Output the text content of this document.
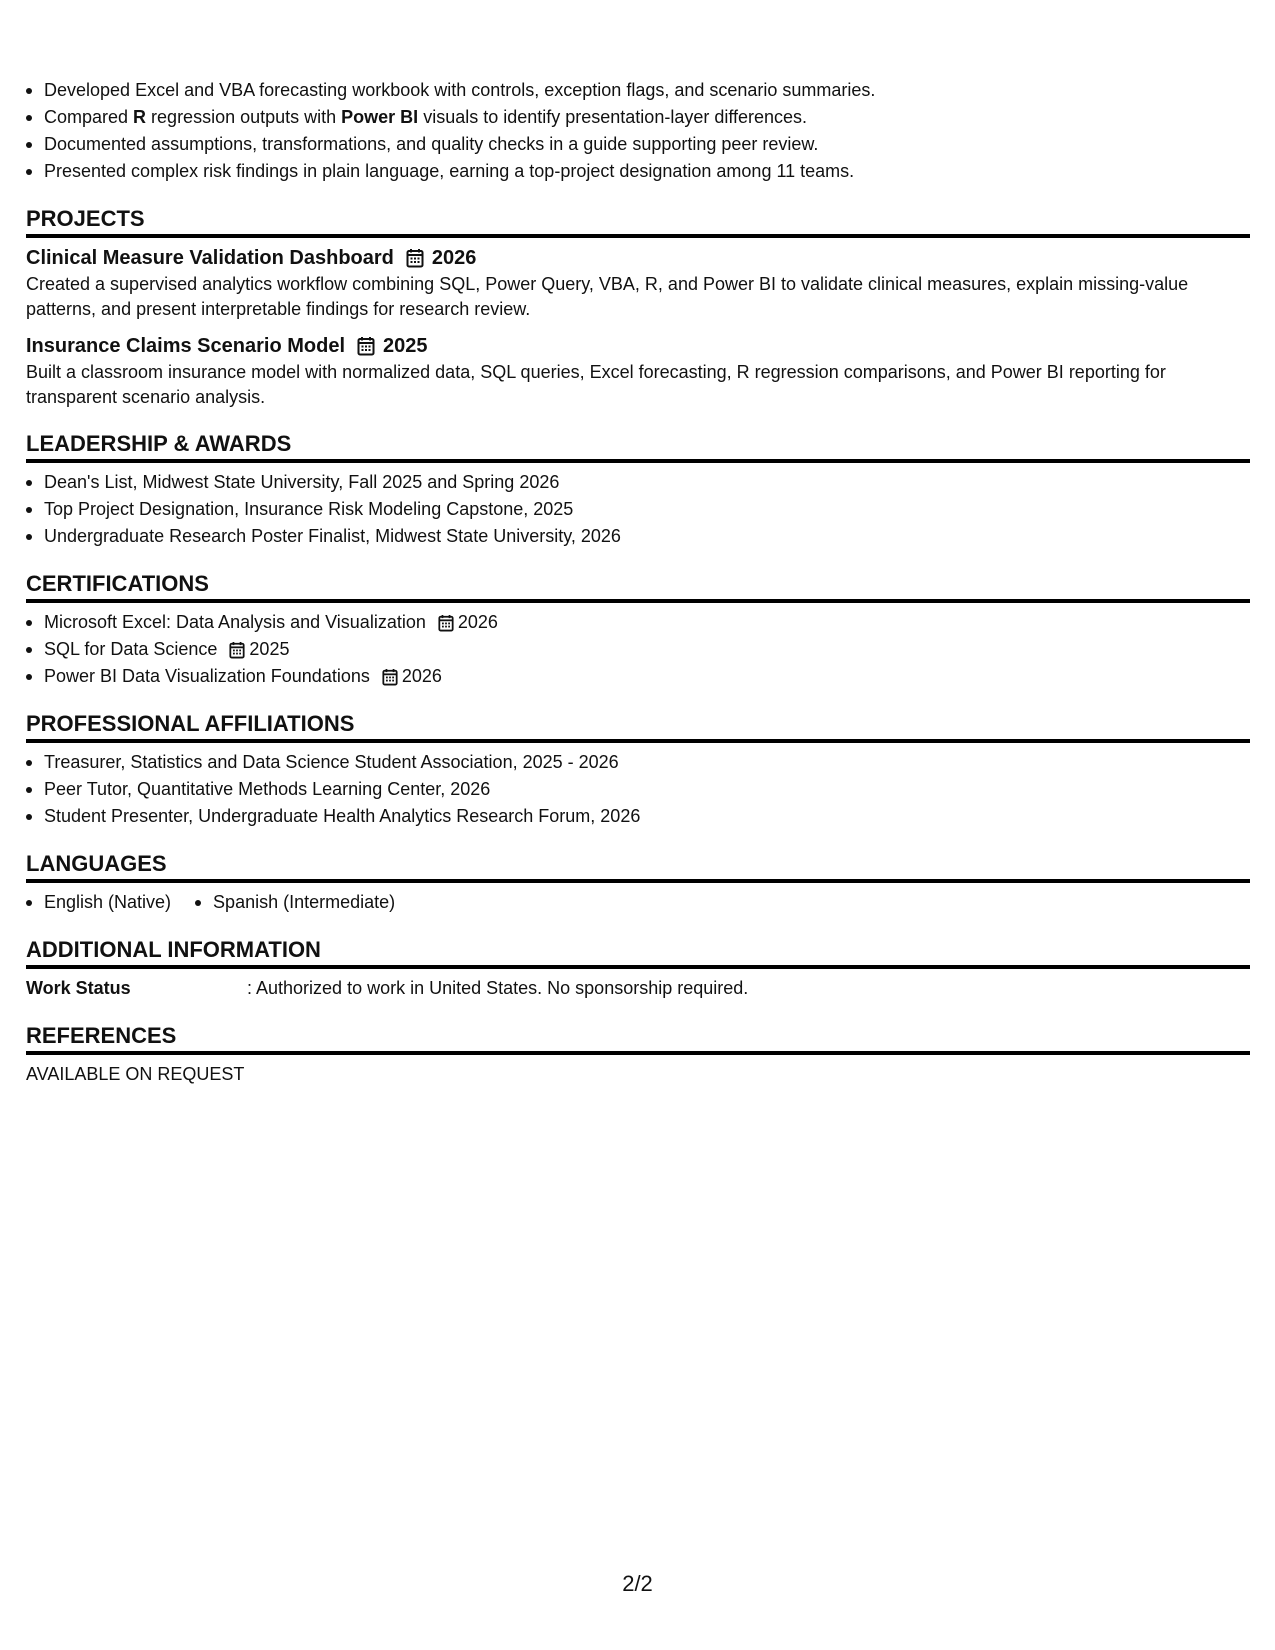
Developed Excel and VBA forecasting workbook with controls, exception flags, and scenario summaries.
Compared R regression outputs with Power BI visuals to identify presentation-layer differences.
Documented assumptions, transformations, and quality checks in a guide supporting peer review.
Presented complex risk findings in plain language, earning a top-project designation among 11 teams.
PROJECTS
Clinical Measure Validation Dashboard 2026
Created a supervised analytics workflow combining SQL, Power Query, VBA, R, and Power BI to validate clinical measures, explain missing-value patterns, and present interpretable findings for research review.
Insurance Claims Scenario Model 2025
Built a classroom insurance model with normalized data, SQL queries, Excel forecasting, R regression comparisons, and Power BI reporting for transparent scenario analysis.
LEADERSHIP & AWARDS
Dean's List, Midwest State University, Fall 2025 and Spring 2026
Top Project Designation, Insurance Risk Modeling Capstone, 2025
Undergraduate Research Poster Finalist, Midwest State University, 2026
CERTIFICATIONS
Microsoft Excel: Data Analysis and Visualization 2026
SQL for Data Science 2025
Power BI Data Visualization Foundations 2026
PROFESSIONAL AFFILIATIONS
Treasurer, Statistics and Data Science Student Association, 2025 - 2026
Peer Tutor, Quantitative Methods Learning Center, 2026
Student Presenter, Undergraduate Health Analytics Research Forum, 2026
LANGUAGES
English (Native)	Spanish (Intermediate)
ADDITIONAL INFORMATION
Work Status	: Authorized to work in United States. No sponsorship required.
REFERENCES
AVAILABLE ON REQUEST
2/2
